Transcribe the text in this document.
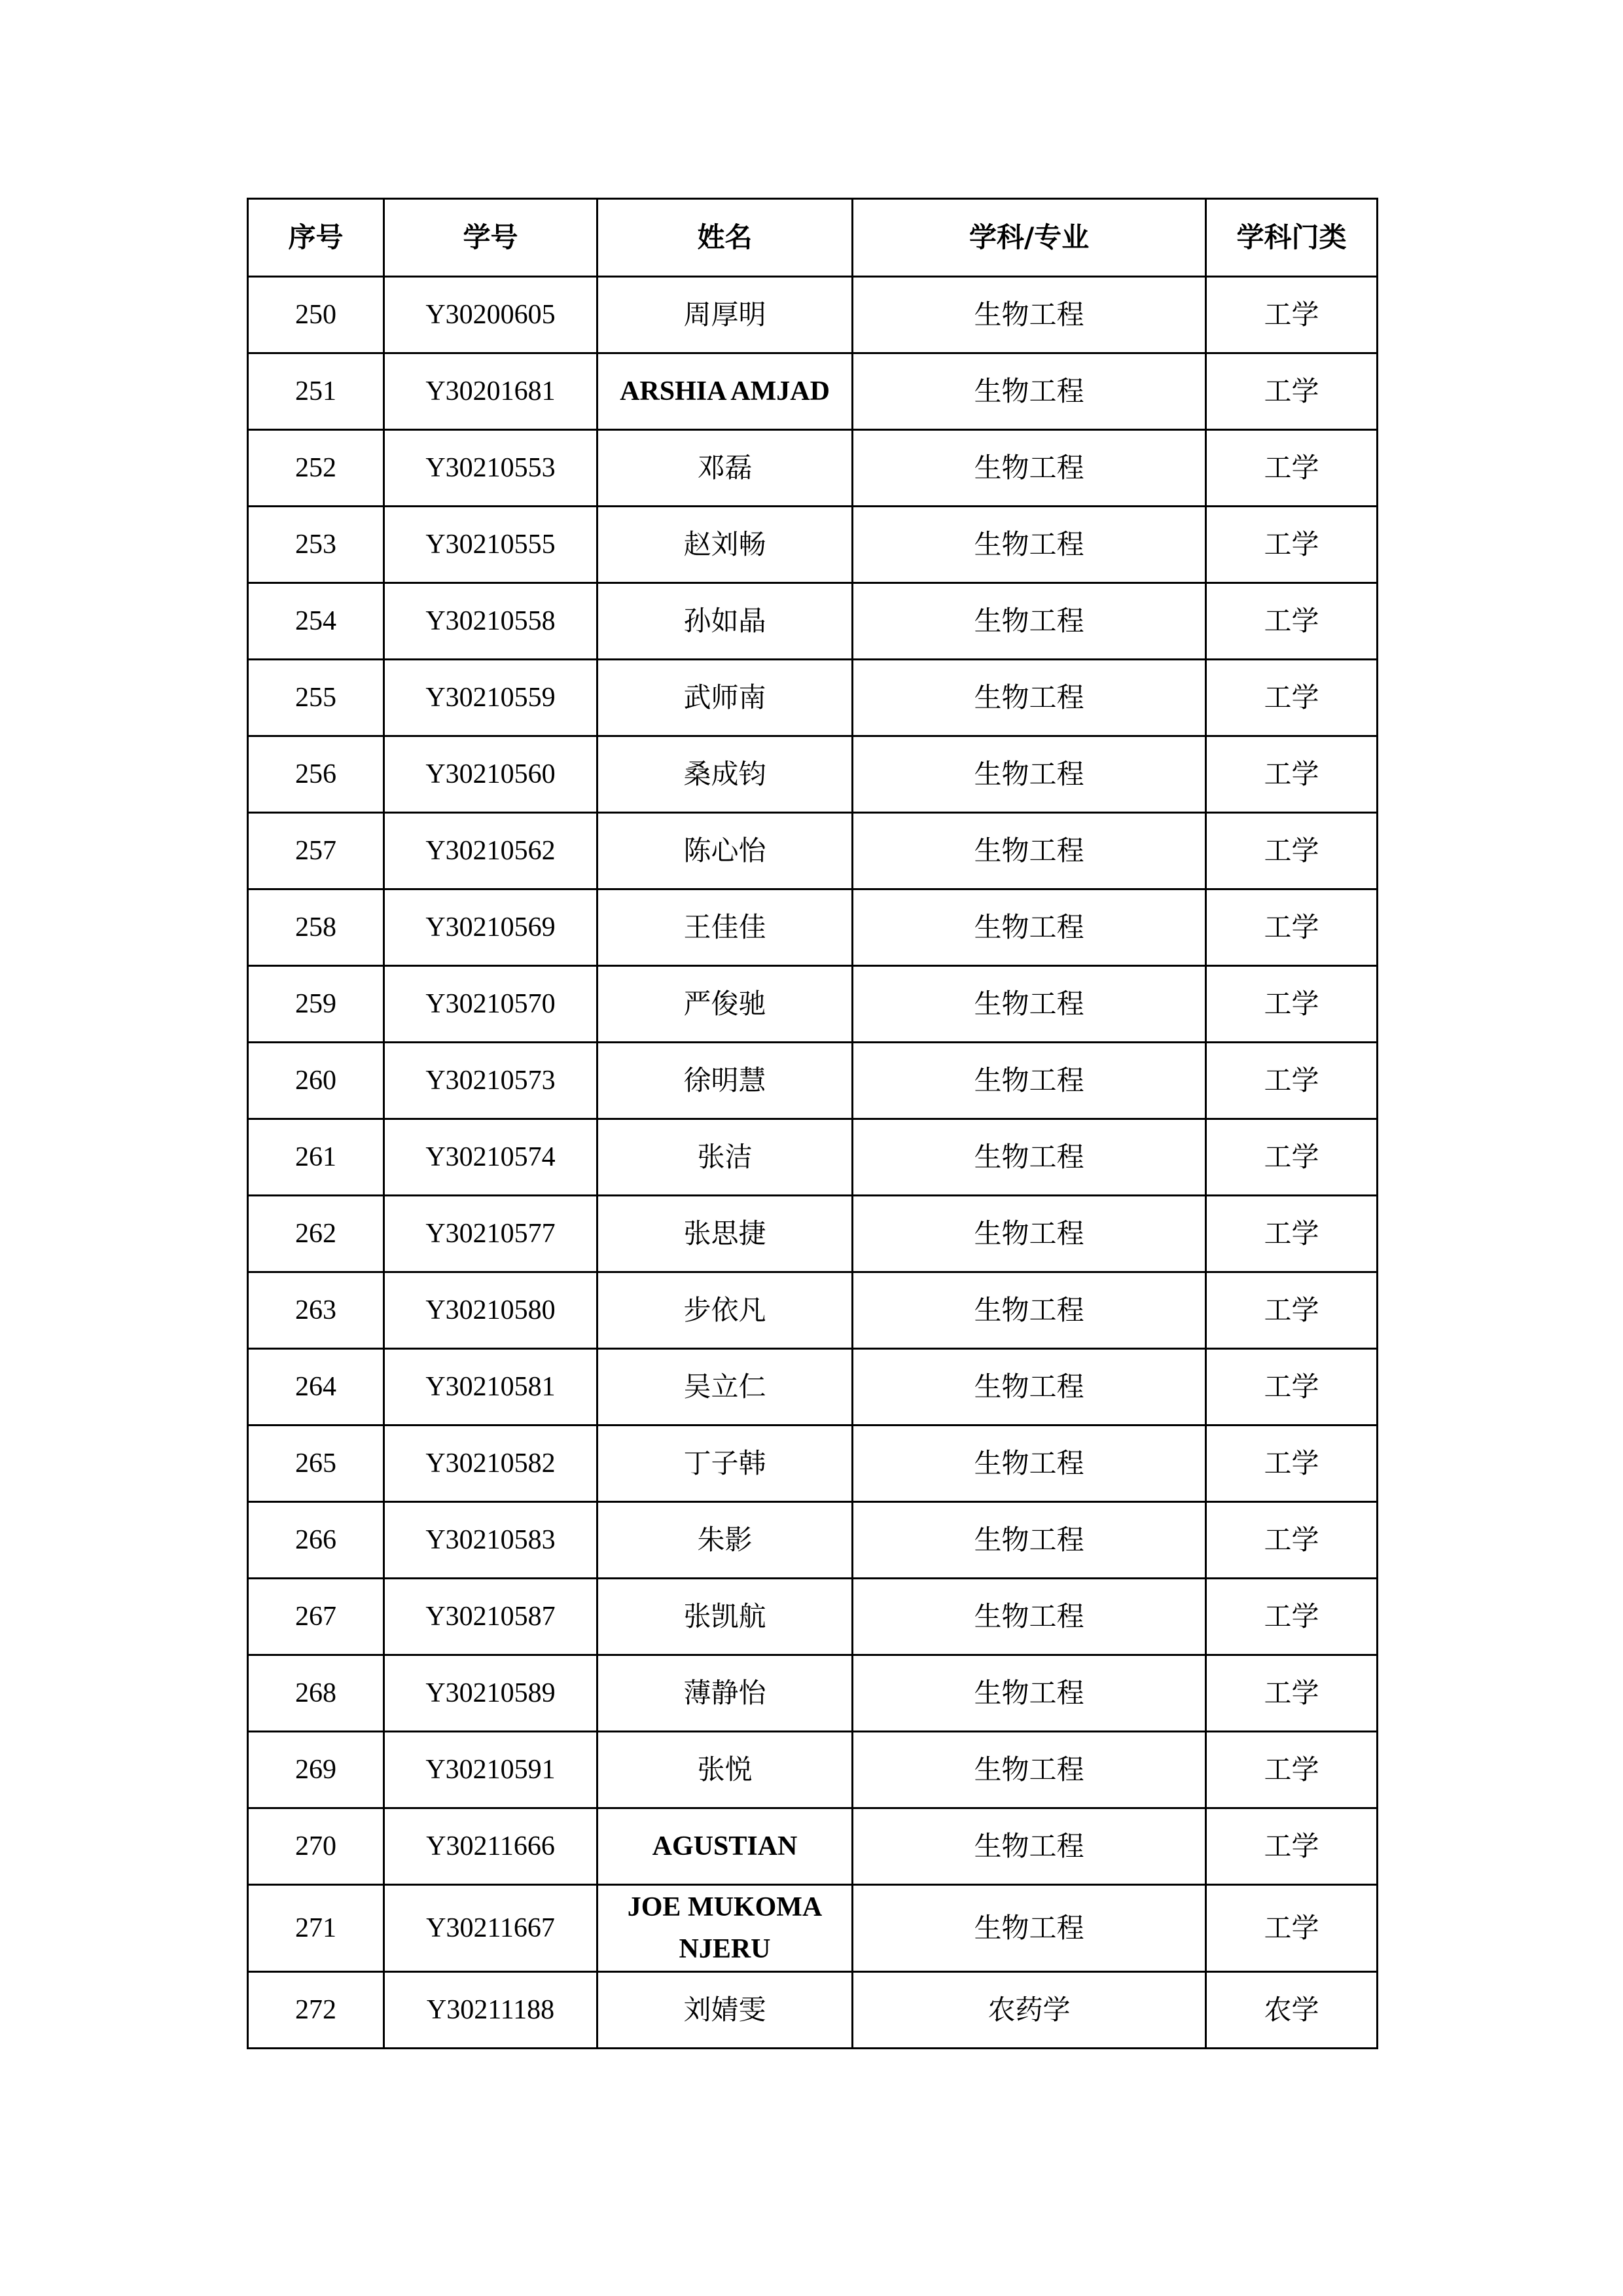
序号	学号	姓名	学科/专业	学科门类
250	Y30200605	周厚明	生物工程	工学
251	Y30201681	ARSHIA AMJAD	生物工程	工学
252	Y30210553	邓磊	生物工程	工学
253	Y30210555	赵刘畅	生物工程	工学
254	Y30210558	孙如晶	生物工程	工学
255	Y30210559	武师南	生物工程	工学
256	Y30210560	桑成钧	生物工程	工学
257	Y30210562	陈心怡	生物工程	工学
258	Y30210569	王佳佳	生物工程	工学
259	Y30210570	严俊驰	生物工程	工学
260	Y30210573	徐明慧	生物工程	工学
261	Y30210574	张洁	生物工程	工学
262	Y30210577	张思捷	生物工程	工学
263	Y30210580	步依凡	生物工程	工学
264	Y30210581	吴立仁	生物工程	工学
265	Y30210582	丁子韩	生物工程	工学
266	Y30210583	朱影	生物工程	工学
267	Y30210587	张凯航	生物工程	工学
268	Y30210589	薄静怡	生物工程	工学
269	Y30210591	张悦	生物工程	工学
270	Y30211666	AGUSTIAN	生物工程	工学
271	Y30211667	JOE MUKOMA NJERU	生物工程	工学
272	Y30211188	刘婧雯	农药学	农学
